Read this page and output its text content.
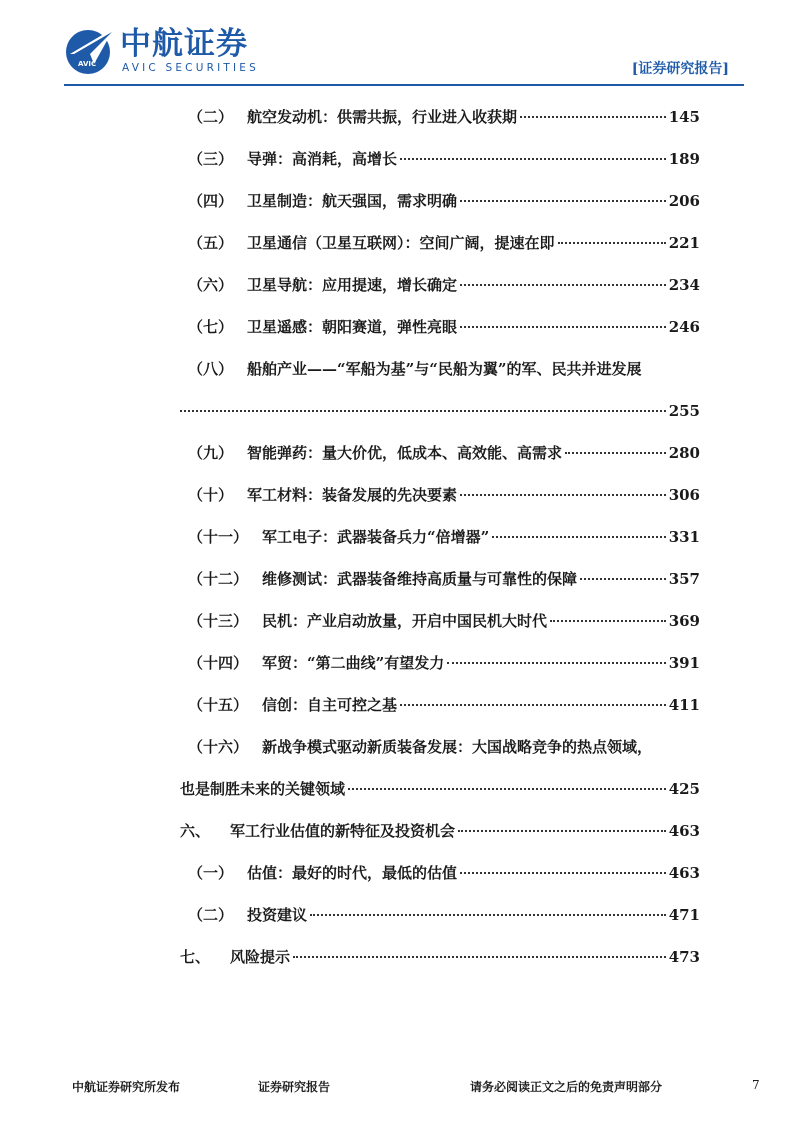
AVIC
中航证券
AVIC SECURITIES	[证券研究报告]
（二） 航空发动机：供需共振，行业进入收获期	145
（三） 导弹：高消耗，高增长	189
（四） 卫星制造：航天强国，需求明确	206
（五） 卫星通信（卫星互联网）：空间广阔，提速在即	221
（六） 卫星导航：应用提速，增长确定	234
（七） 卫星遥感：朝阳赛道，弹性亮眼	246
（八） 船舶产业——“军船为基”与“民船为翼”的军、民共并进发展
255
（九） 智能弹药：量大价优，低成本、高效能、高需求	280
（十） 军工材料：装备发展的先决要素	306
（十一） 军工电子：武器装备兵力“倍增器”	331
（十二） 维修测试：武器装备维持高质量与可靠性的保障	357
（十三） 民机：产业启动放量，开启中国民机大时代	369
（十四） 军贸：“第二曲线”有望发力	391
（十五） 信创：自主可控之基	411
（十六） 新战争模式驱动新质装备发展：大国战略竞争的热点领域，
也是制胜未来的关键领域	425
六、 军工行业估值的新特征及投资机会	463
（一） 估值：最好的时代，最低的估值	463
（二） 投资建议	471
七、 风险提示	473
中航证券研究所发布	证券研究报告	请务必阅读正文之后的免责声明部分	7
